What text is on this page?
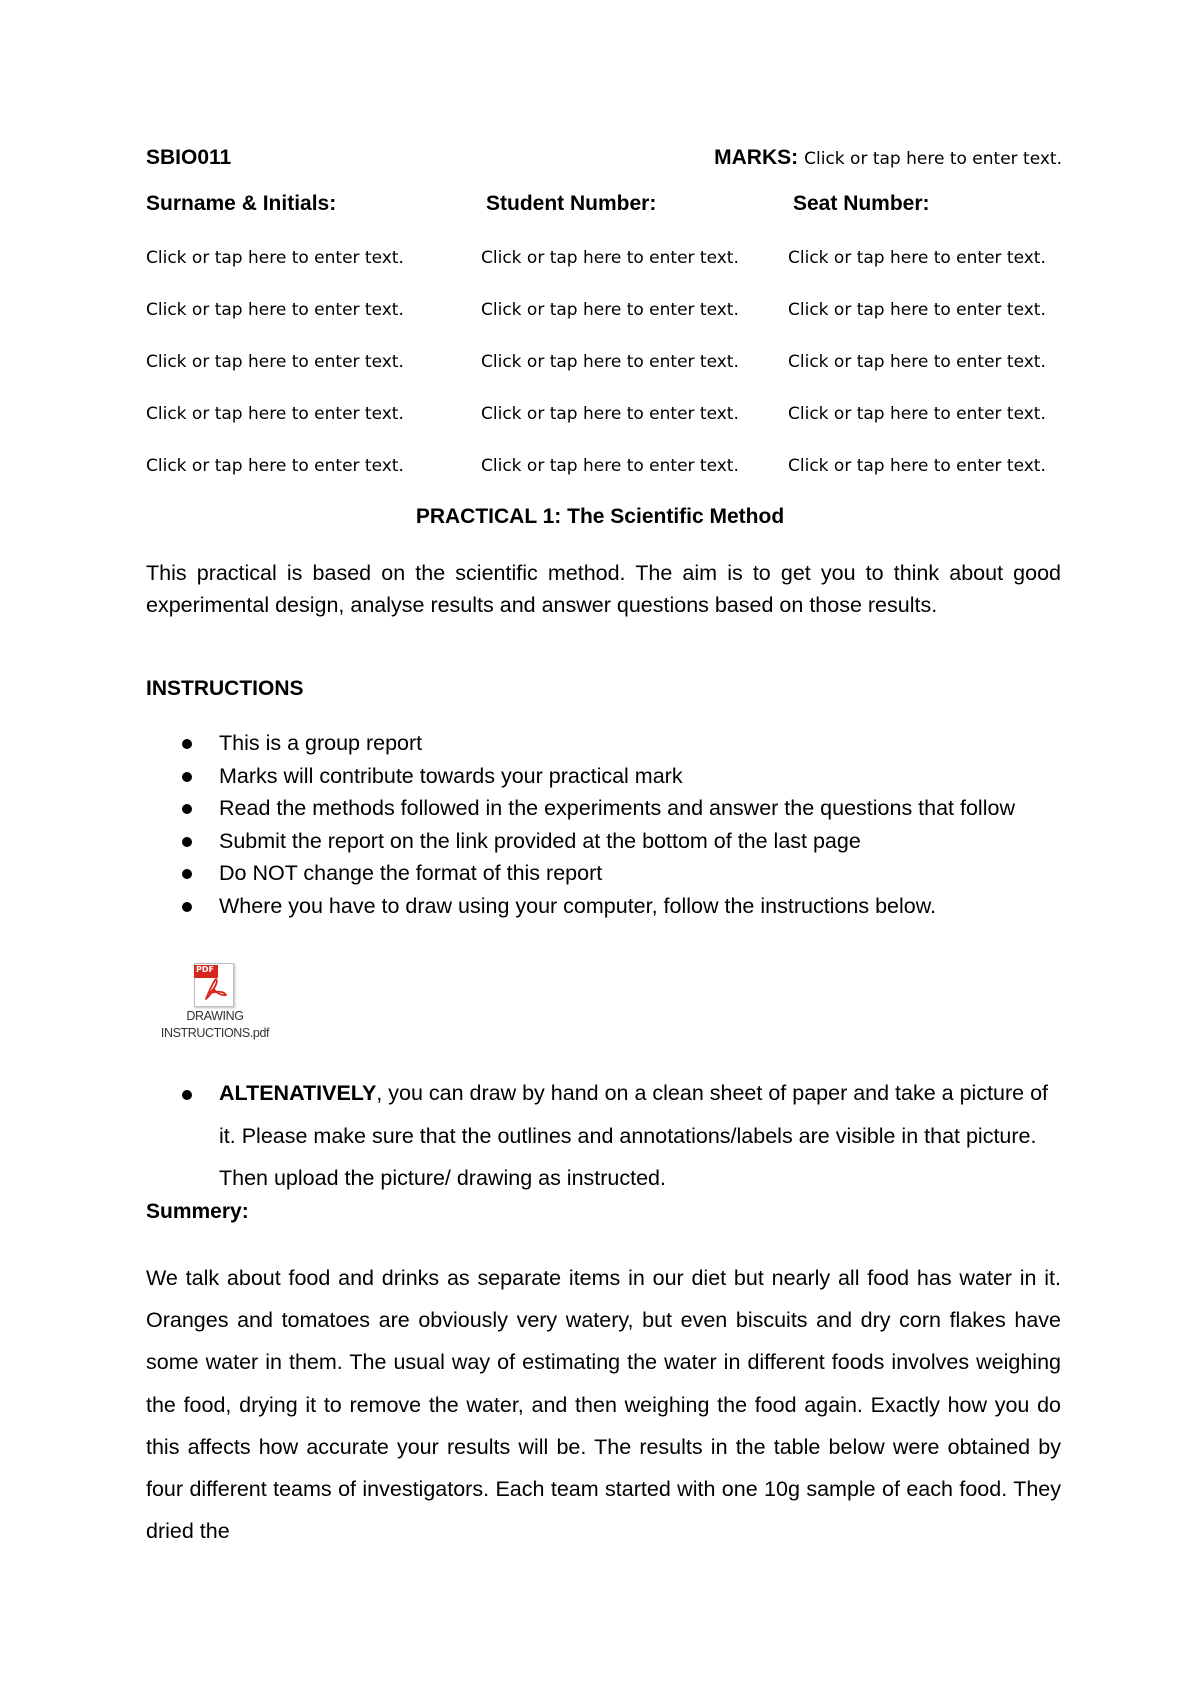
SBIO011	MARKS: Click or tap here to enter text.
Surname & Initials:	Student Number:	Seat Number:
Click or tap here to enter text.	Click or tap here to enter text.	Click or tap here to enter text.
Click or tap here to enter text.	Click or tap here to enter text.	Click or tap here to enter text.
Click or tap here to enter text.	Click or tap here to enter text.	Click or tap here to enter text.
Click or tap here to enter text.	Click or tap here to enter text.	Click or tap here to enter text.
Click or tap here to enter text.	Click or tap here to enter text.	Click or tap here to enter text.
PRACTICAL 1: The Scientific Method
This practical is based on the scientific method. The aim is to get you to think about good experimental design, analyse results and answer questions based on those results.
INSTRUCTIONS
This is a group report
Marks will contribute towards your practical mark
Read the methods followed in the experiments and answer the questions that follow
Submit the report on the link provided at the bottom of the last page
Do NOT change the format of this report
Where you have to draw using your computer, follow the instructions below.
PDF
DRAWING
INSTRUCTIONS.pdf
ALTENATIVELY, you can draw by hand on a clean sheet of paper and take a picture of it. Please make sure that the outlines and annotations/labels are visible in that picture. Then upload the picture/ drawing as instructed.
Summery:
We talk about food and drinks as separate items in our diet but nearly all food has water in it. Oranges and tomatoes are obviously very watery, but even biscuits and dry corn flakes have some water in them. The usual way of estimating the water in different foods involves weighing the food, drying it to remove the water, and then weighing the food again. Exactly how you do this affects how accurate your results will be. The results in the table below were obtained by four different teams of investigators. Each team started with one 10g sample of each food. They dried the
